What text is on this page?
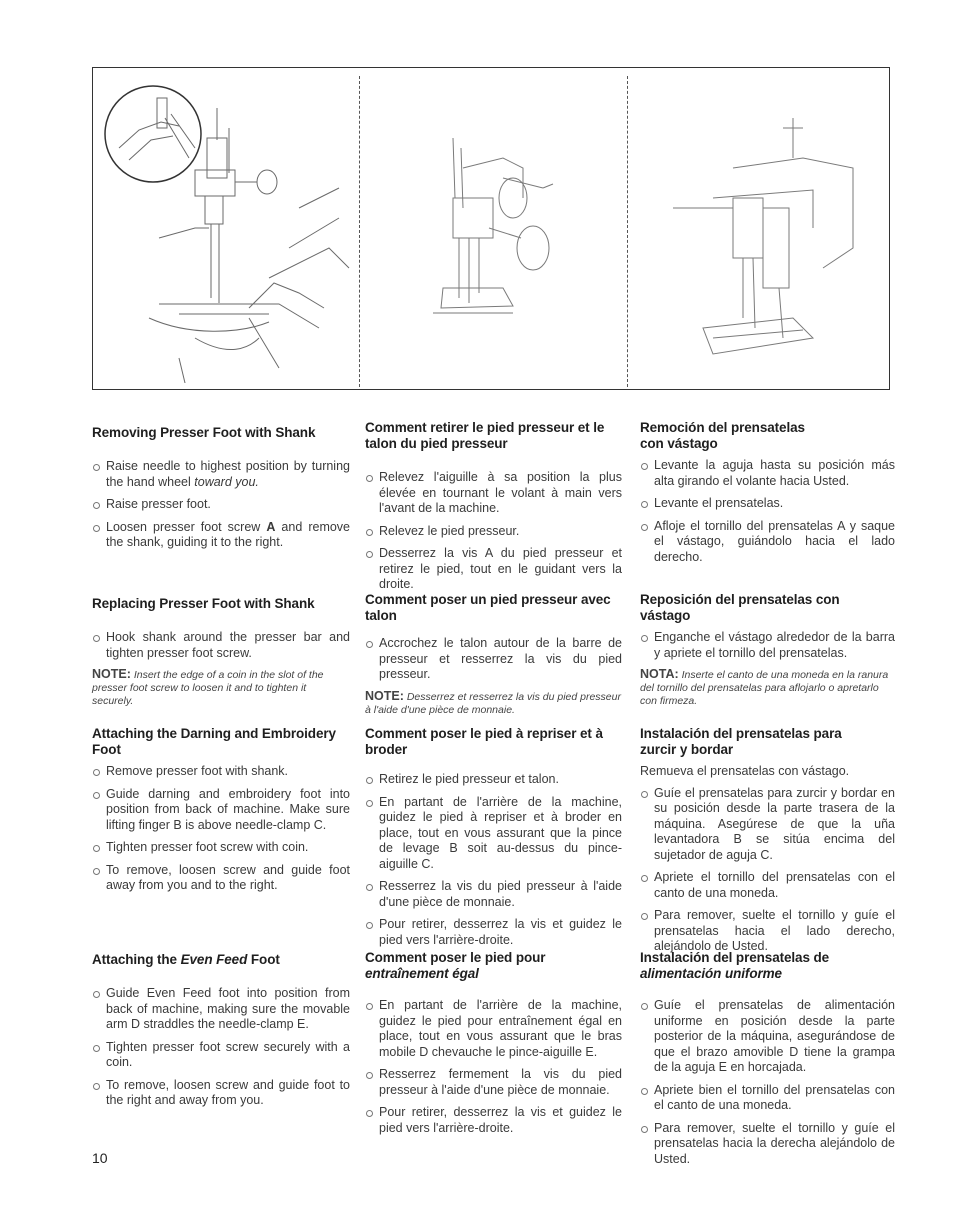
Removing Presser Foot with Shank
Raise needle to highest position by turning the hand wheel toward you.
Raise presser foot.
Loosen presser foot screw A and remove the shank, guiding it to the right.
Replacing Presser Foot with Shank
Hook shank around the presser bar and tighten presser foot screw.

NOTE: Insert the edge of a coin in the slot of the presser foot screw to loosen it and to tighten it securely.

Attaching the Darning and Embroidery Foot
Remove presser foot with shank.
Guide darning and embroidery foot into position from back of machine. Make sure lifting finger B is above needle-clamp C.
Tighten presser foot screw with coin.
To remove, loosen screw and guide foot away from you and to the right.
Attaching the Even Feed Foot
Guide Even Feed foot into position from back of machine, making sure the movable arm D straddles the needle-clamp E.
Tighten presser foot screw securely with a coin.
To remove, loosen screw and guide foot to the right and away from you.
Comment retirer le pied presseur et le talon du pied presseur
Relevez l'aiguille à sa position la plus élevée en tournant le volant à main vers l'avant de la machine.
Relevez le pied presseur.
Desserrez la vis A du pied presseur et retirez le pied, tout en le guidant vers la droite.
Comment poser un pied presseur avec talon
Accrochez le talon autour de la barre de presseur et resserrez la vis du pied presseur.

NOTE: Desserrez et resserrez la vis du pied presseur à l'aide d'une pièce de monnaie.

Comment poser le pied à repriser et à broder
Retirez le pied presseur et talon.
En partant de l'arrière de la machine, guidez le pied à repriser et à broder en place, tout en vous assurant que la pince de levage B soit au-dessus du pince-aiguille C.
Resserrez la vis du pied presseur à l'aide d'une pièce de monnaie.
Pour retirer, desserrez la vis et guidez le pied vers l'arrière-droite.
Comment poser le pied pour
entraînement égal
En partant de l'arrière de la machine, guidez le pied pour entraînement égal en place, tout en vous assurant que le bras mobile D chevauche le pince-aiguille E.
Resserrez fermement la vis du pied presseur à l'aide d'une pièce de monnaie.
Pour retirer, desserrez la vis et guidez le pied vers l'arrière-droite.
Remoción del prensatelas con vástago
Levante la aguja hasta su posición más alta girando el volante hacia Usted.
Levante el prensatelas.
Afloje el tornillo del prensatelas A y saque el vástago, guiándolo hacia el lado derecho.
Reposición del prensatelas con vástago
Enganche el vástago alrededor de la barra y apriete el tornillo del prensatelas.

NOTA: Inserte el canto de una moneda en la ranura del tornillo del prensatelas para aflojarlo o apretarlo con firmeza.

Instalación del prensatelas para zurcir y bordar

Remueva el prensatelas con vástago.

Guíe el prensatelas para zurcir y bordar en su posición desde la parte trasera de la máquina. Asegúrese de que la uña levantadora B se sitúa encima del sujetador de aguja C.
Apriete el tornillo del prensatelas con el canto de una moneda.
Para remover, suelte el tornillo y guíe el prensatelas hacia el lado derecho, alejándolo de Usted.
Instalación del prensatelas de
alimentación uniforme
Guíe el prensatelas de alimentación uniforme en posición desde la parte posterior de la máquina, asegurándose de que el brazo amovible D tiene la grampa de la aguja E en horcajada.
Apriete bien el tornillo del prensatelas con el canto de una moneda.
Para remover, suelte el tornillo y guíe el prensatelas hacia la derecha alejándolo de Usted.
10
